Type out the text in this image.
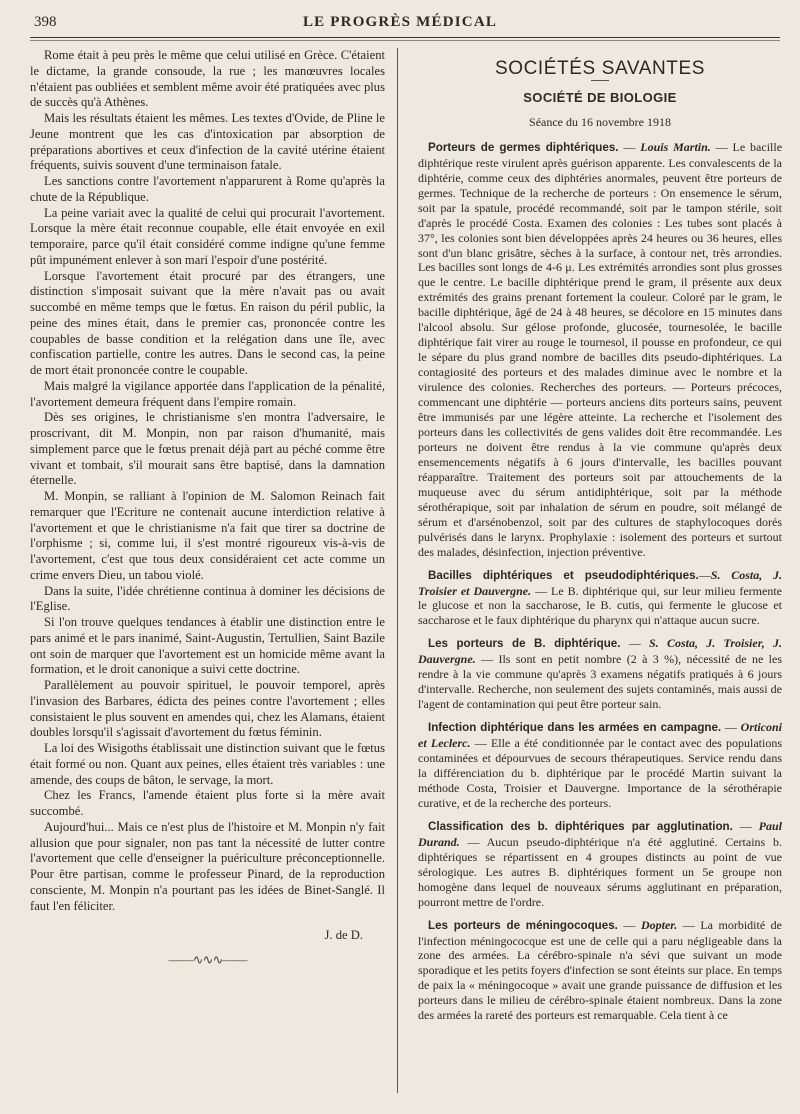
398	LE PROGRÈS MÉDICAL

Rome était à peu près le même que celui utilisé en Grèce. C'étaient le dictame, la grande consoude, la rue ; les manœuvres locales n'étaient pas oubliées et semblent même avoir été pratiquées avec plus de succès qu'à Athènes.

Mais les résultats étaient les mêmes. Les textes d'Ovide, de Pline le Jeune montrent que les cas d'intoxication par absorption de préparations abortives et ceux d'infection de la cavité utérine étaient fréquents, suivis souvent d'une terminaison fatale.

Les sanctions contre l'avortement n'apparurent à Rome qu'après la chute de la République.

La peine variait avec la qualité de celui qui procurait l'avortement. Lorsque la mère était reconnue coupable, elle était envoyée en exil temporaire, parce qu'il était considéré comme indigne qu'une femme pût impunément enlever à son mari l'espoir d'une postérité.

Lorsque l'avortement était procuré par des étrangers, une distinction s'imposait suivant que la mère n'avait pas ou avait succombé en même temps que le fœtus. En raison du péril public, la peine des mines était, dans le premier cas, prononcée contre les coupables de basse condition et la relégation dans une île, avec confiscation partielle, contre les autres. Dans le second cas, la peine de mort était prononcée contre le coupable.

Mais malgré la vigilance apportée dans l'application de la pénalité, l'avortement demeura fréquent dans l'empire romain.

Dès ses origines, le christianisme s'en montra l'adversaire, le proscrivant, dit M. Monpin, non par raison d'humanité, mais simplement parce que le fœtus prenait déjà part au péché comme être vivant et tombait, s'il mourait sans être baptisé, dans la damnation éternelle.

M. Monpin, se ralliant à l'opinion de M. Salomon Reinach fait remarquer que l'Ecriture ne contenait aucune interdiction relative à l'avortement et que le christianisme n'a fait que tirer sa doctrine de l'orphisme ; si, comme lui, il s'est montré rigoureux vis-à-vis de l'avortement, c'est que tous deux considéraient cet acte comme un crime envers Dieu, un tabou violé.

Dans la suite, l'idée chrétienne continua à dominer les décisions de l'Eglise.

Si l'on trouve quelques tendances à établir une distinction entre le pars animé et le pars inanimé, Saint-Augustin, Tertullien, Saint Bazile ont soin de marquer que l'avortement est un homicide même avant la formation, et le droit canonique a suivi cette doctrine.

Parallèlement au pouvoir spirituel, le pouvoir temporel, après l'invasion des Barbares, édicta des peines contre l'avortement ; elles consistaient le plus souvent en amendes qui, chez les Alamans, étaient doubles lorsqu'il s'agissait d'avortement du fœtus féminin.

La loi des Wisigoths établissait une distinction suivant que le fœtus était formé ou non. Quant aux peines, elles étaient très variables : une amende, des coups de bâton, le servage, la mort.

Chez les Francs, l'amende étaient plus forte si la mère avait succombé.

Aujourd'hui... Mais ce n'est plus de l'histoire et M. Monpin n'y fait allusion que pour signaler, non pas tant la nécessité de lutter contre l'avortement que celle d'enseigner la puériculture préconceptionnelle. Pour être partisan, comme le professeur Pinard, de la reproduction consciente, M. Monpin n'a pourtant pas les idées de Binet-Sanglé. Il faut l'en féliciter.

J. de D.
——∿∿∿——
SOCIÉTÉS SAVANTES
SOCIÉTÉ DE BIOLOGIE
Séance du 16 novembre 1918

Porteurs de germes diphtériques. — Louis Martin. — Le bacille diphtérique reste virulent après guérison apparente. Les convalescents de la diphtérie, comme ceux des diphtéries anormales, peuvent être porteurs de germes. Technique de la recherche de porteurs : On ensemence le sérum, soit par la spatule, procédé recommandé, soit par le tampon stérile, soit d'après le procédé Costa. Examen des colonies : Les tubes sont placés à 37°, les colonies sont bien développées après 24 heures ou 36 heures, elles sont d'un blanc grisâtre, sèches à la surface, à contour net, très arrondies. Les bacilles sont longs de 4-6 μ. Les extrémités arrondies sont plus grosses que le centre. Le bacille diphtérique prend le gram, il présente aux deux extrémités des grains prenant fortement la couleur. Coloré par le gram, le bacille diphtérique, âgé de 24 à 48 heures, se décolore en 15 minutes dans l'alcool absolu. Sur gélose profonde, glucosée, tournesolée, le bacille diphtérique fait virer au rouge le tournesol, il pousse en profondeur, ce qui le sépare du plus grand nombre de bacilles dits pseudo-diphtériques. La contagiosité des porteurs et des malades diminue avec le nombre et la virulence des colonies. Recherches des porteurs. — Porteurs précoces, commencant une diphtérie — porteurs anciens dits porteurs sains, peuvent être immunisés par une légère atteinte. La recherche et l'isolement des porteurs dans les collectivités de gens valides doit être recommandée. Les porteurs ne doivent être rendus à la vie commune qu'après deux ensemencements négatifs à 6 jours d'intervalle, les bacilles pouvant réapparaître. Traitement des porteurs soit par attouchements de la muqueuse avec du sérum antidiphtérique, soit par la méthode sérothérapique, soit par inhalation de sérum en poudre, soit mélangé de sérum et d'arsénobenzol, soit par des cultures de staphylocoques dorés pulvérisés dans le larynx. Prophylaxie : isolement des porteurs et surtout des malades, désinfection, injection préventive.

Bacilles diphtériques et pseudodiphtériques.—S. Costa, J. Troisier et Dauvergne. — Le B. diphtérique qui, sur leur milieu fermente le glucose et non la saccharose, le B. cutis, qui fermente le glucose et saccharose et le faux diphtérique du pharynx qui n'attaque aucun sucre.

Les porteurs de B. diphtérique. — S. Costa, J. Troisier, J. Dauvergne. — Ils sont en petit nombre (2 à 3 %), nécessité de ne les rendre à la vie commune qu'après 3 examens négatifs pratiqués à 6 jours d'intervalle. Recherche, non seulement des sujets contaminés, mais aussi de l'agent de contamination qui peut être porteur sain.

Infection diphtérique dans les armées en campagne. — Orticoni et Leclerc. — Elle a été conditionnée par le contact avec des populations contaminées et dépourvues de secours thérapeutiques. Service rendu dans la différenciation du b. diphtérique par le procédé Martin suivant la méthode Costa, Troisier et Dauvergne. Importance de la sérothérapie curative, et de la recherche des porteurs.

Classification des b. diphtériques par agglutination. — Paul Durand. — Aucun pseudo-diphtérique n'a été agglutiné. Certains b. diphtériques se répartissent en 4 groupes distincts au point de vue sérologique. Les autres B. diphtériques forment un 5e groupe non homogène dans lequel de nouveaux sérums agglutinant en préparation, pourront mettre de l'ordre.

Les porteurs de méningocoques. — Dopter. — La morbidité de l'infection méningococque est une de celle qui a paru négligeable dans la zone des armées. La cérébro-spinale n'a sévi que suivant un mode sporadique et les petits foyers d'infection se sont éteints sur place. En temps de paix la « méningocoque » avait une grande puissance de diffusion et les porteurs dans le milieu de cérébro-spinale étaient nombreux. Dans la zone des armées la rareté des porteurs est remarquable. Cela tient à ce
